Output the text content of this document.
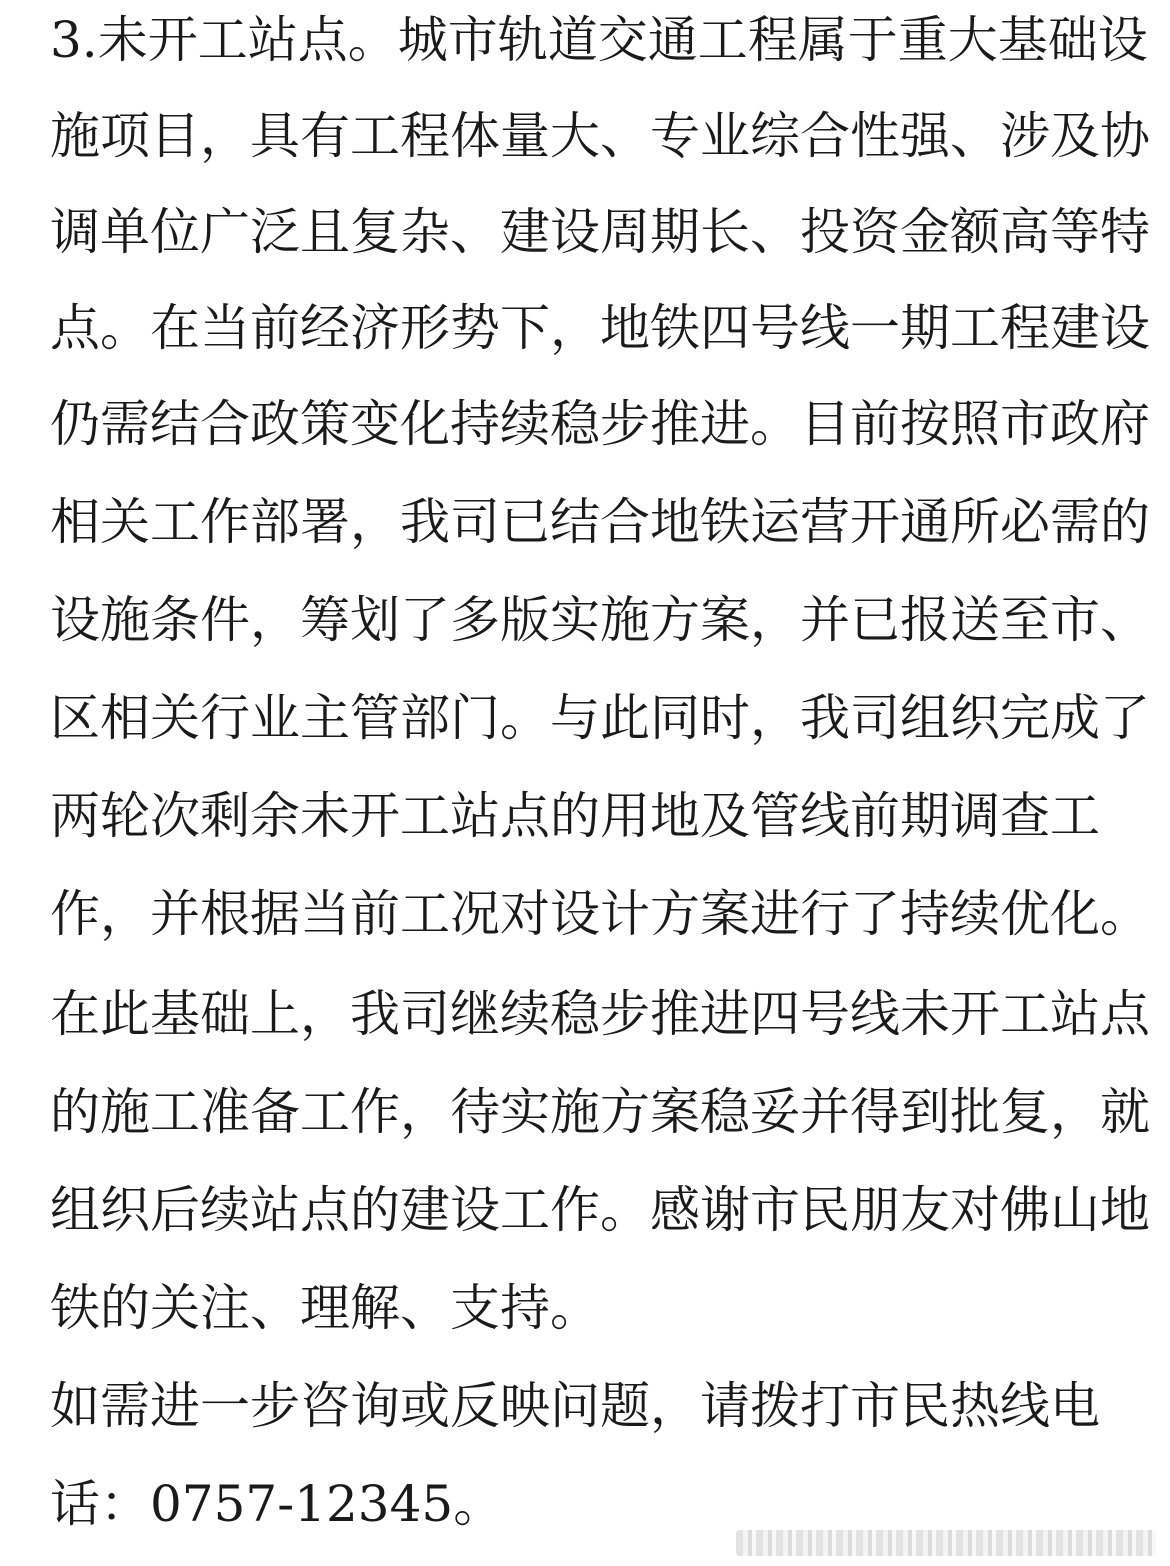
3.未开工站点。城市轨道交通工程属于重大基础设
施项目，具有工程体量大、专业综合性强、涉及协
调单位广泛且复杂、建设周期长、投资金额高等特
点。在当前经济形势下，地铁四号线一期工程建设
仍需结合政策变化持续稳步推进。目前按照市政府
相关工作部署，我司已结合地铁运营开通所必需的
设施条件，筹划了多版实施方案，并已报送至市、
区相关行业主管部门。与此同时，我司组织完成了
两轮次剩余未开工站点的用地及管线前期调查工
作，并根据当前工况对设计方案进行了持续优化。
在此基础上，我司继续稳步推进四号线未开工站点
的施工准备工作，待实施方案稳妥并得到批复，就
组织后续站点的建设工作。感谢市民朋友对佛山地
铁的关注、理解、支持。
如需进一步咨询或反映问题，请拨打市民热线电
话：0757-12345。
